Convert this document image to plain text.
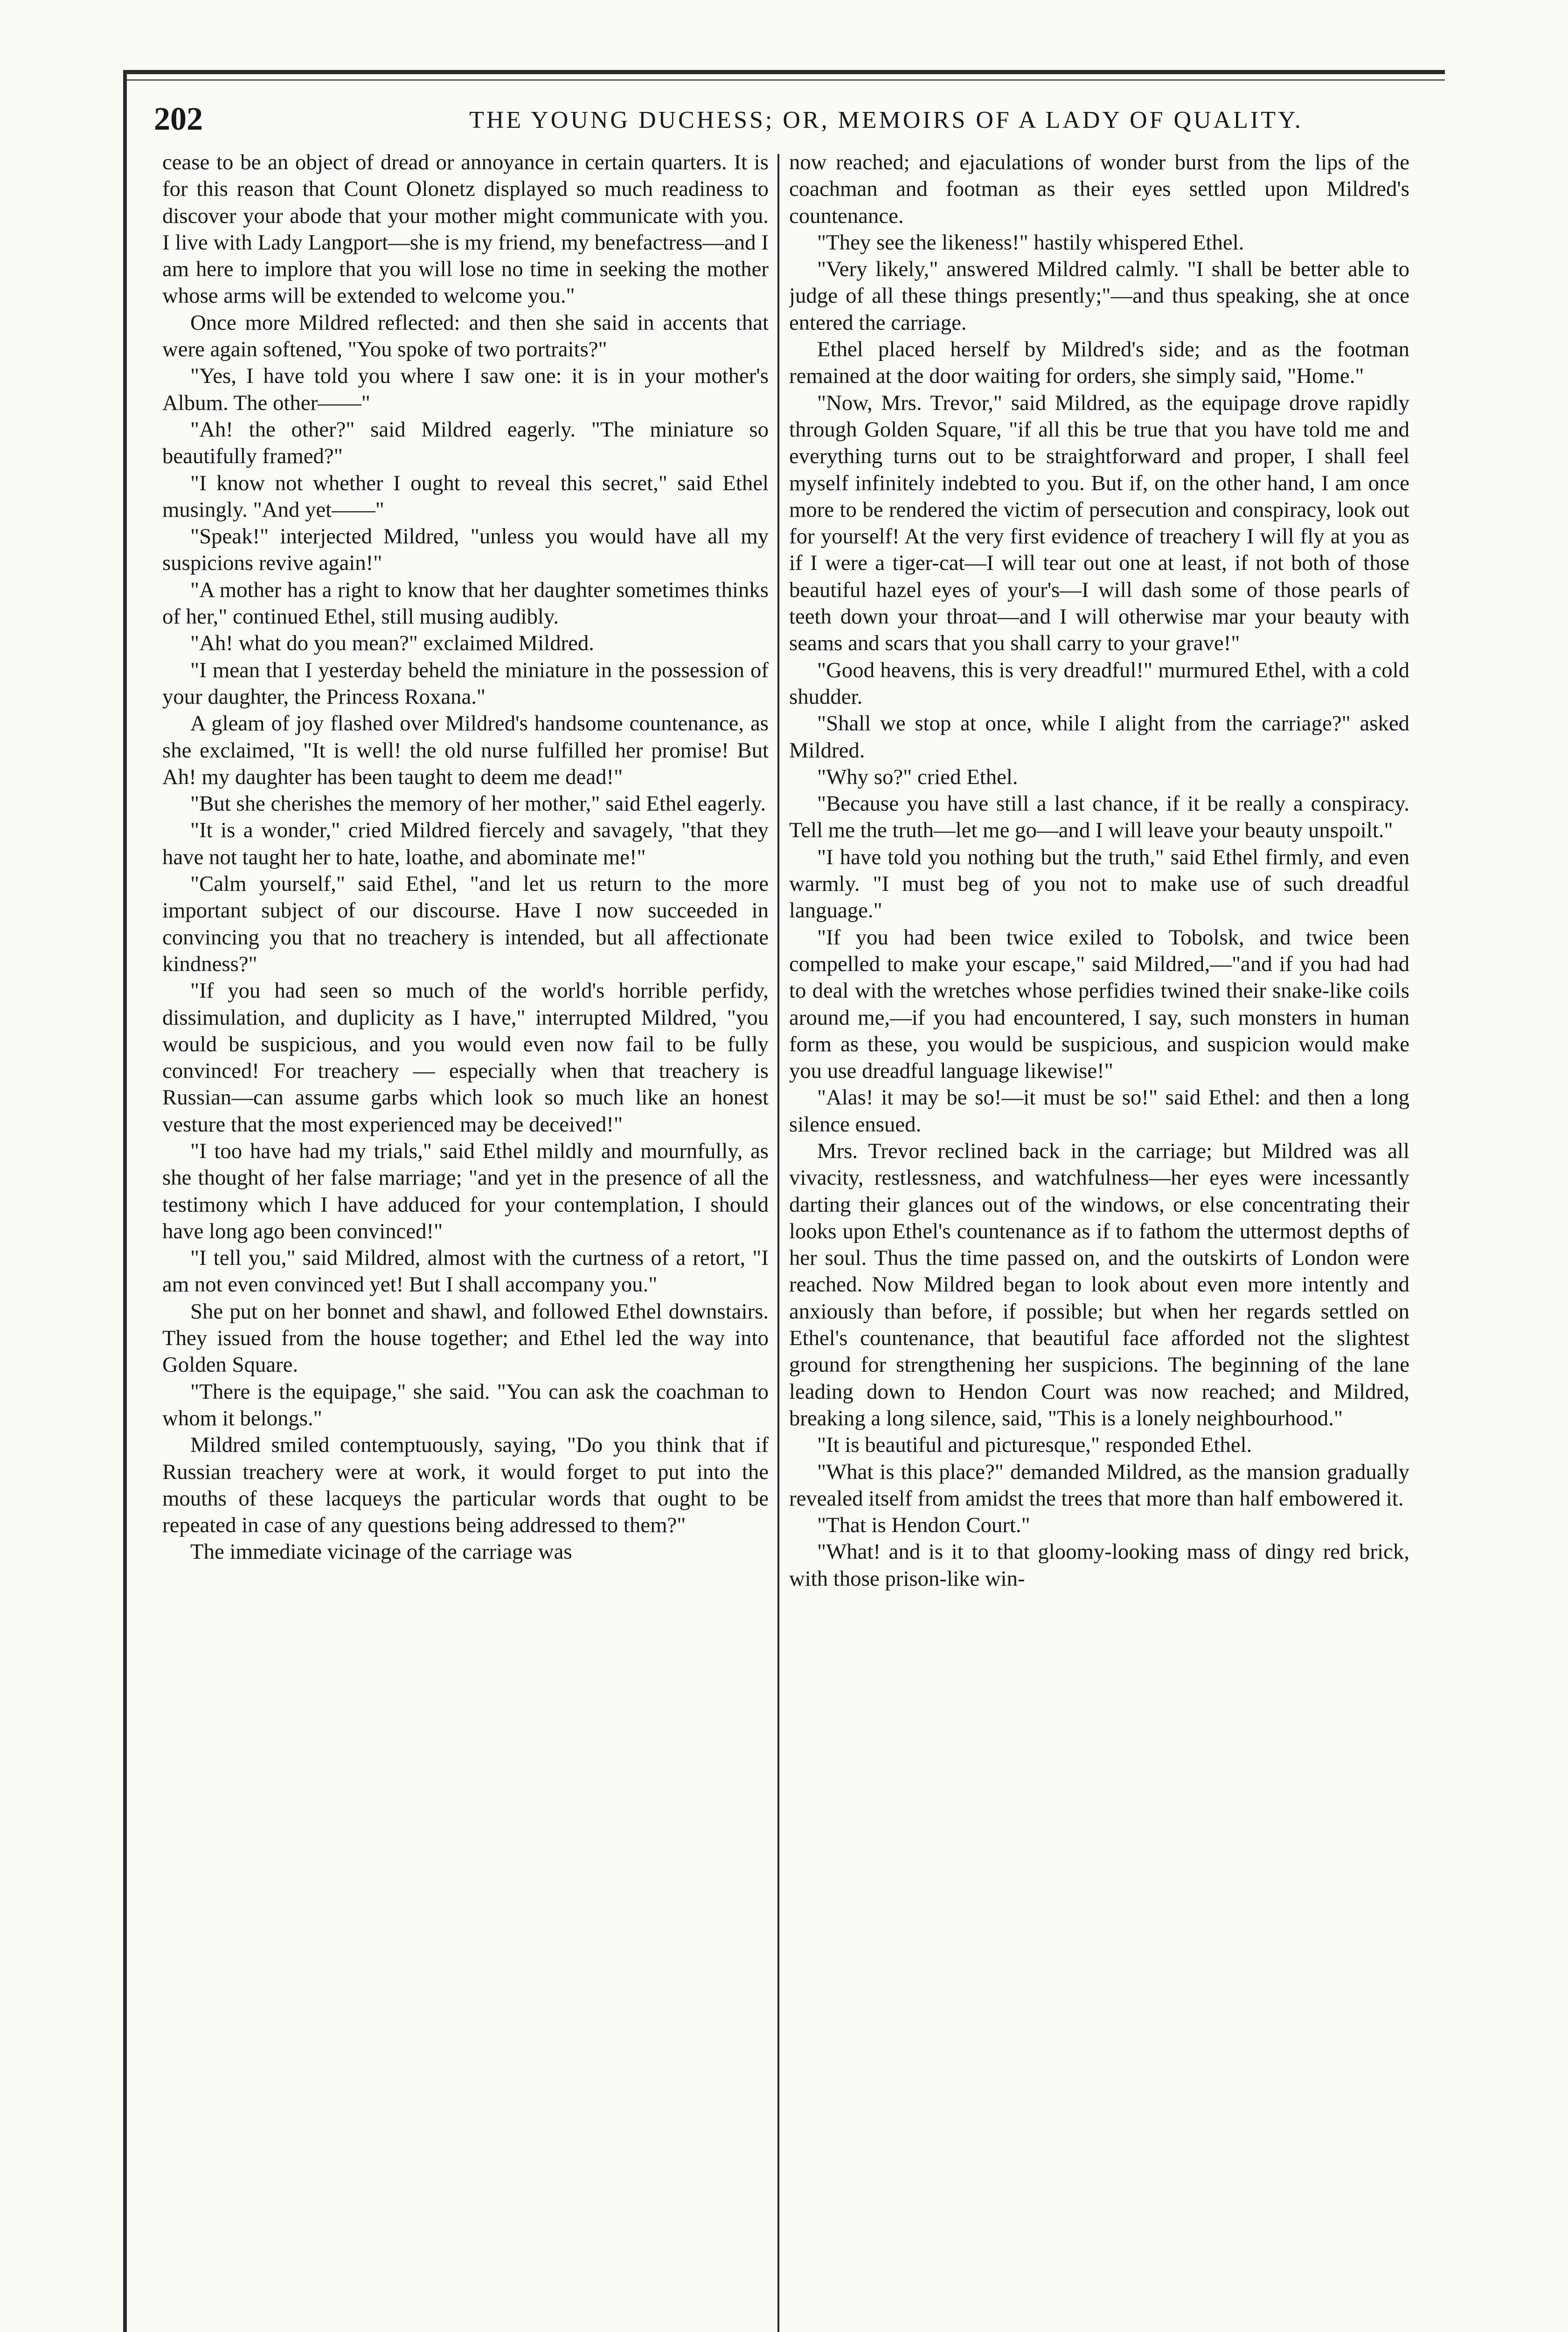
202	THE YOUNG DUCHESS; OR, MEMOIRS OF A LADY OF QUALITY.

cease to be an object of dread or annoyance in certain quarters. It is for this reason that Count Olonetz displayed so much readiness to discover your abode that your mother might communicate with you. I live with Lady Langport—she is my friend, my benefactress—and I am here to implore that you will lose no time in seeking the mother whose arms will be extended to welcome you."

Once more Mildred reflected: and then she said in accents that were again softened, "You spoke of two portraits?"

"Yes, I have told you where I saw one: it is in your mother's Album. The other——"

"Ah! the other?" said Mildred eagerly. "The miniature so beautifully framed?"

"I know not whether I ought to reveal this secret," said Ethel musingly. "And yet——"

"Speak!" interjected Mildred, "unless you would have all my suspicions revive again!"

"A mother has a right to know that her daughter sometimes thinks of her," continued Ethel, still musing audibly.

"Ah! what do you mean?" exclaimed Mildred.

"I mean that I yesterday beheld the miniature in the possession of your daughter, the Princess Roxana."

A gleam of joy flashed over Mildred's handsome countenance, as she exclaimed, "It is well! the old nurse fulfilled her promise! But Ah! my daughter has been taught to deem me dead!"

"But she cherishes the memory of her mother," said Ethel eagerly.

"It is a wonder," cried Mildred fiercely and savagely, "that they have not taught her to hate, loathe, and abominate me!"

"Calm yourself," said Ethel, "and let us return to the more important subject of our discourse. Have I now succeeded in convincing you that no treachery is intended, but all affectionate kindness?"

"If you had seen so much of the world's horrible perfidy, dissimulation, and duplicity as I have," interrupted Mildred, "you would be suspicious, and you would even now fail to be fully convinced! For treachery — especially when that treachery is Russian—can assume garbs which look so much like an honest vesture that the most experienced may be deceived!"

"I too have had my trials," said Ethel mildly and mournfully, as she thought of her false marriage; "and yet in the presence of all the testimony which I have adduced for your contemplation, I should have long ago been convinced!"

"I tell you," said Mildred, almost with the curtness of a retort, "I am not even convinced yet! But I shall accompany you."

She put on her bonnet and shawl, and followed Ethel downstairs. They issued from the house together; and Ethel led the way into Golden Square.

"There is the equipage," she said. "You can ask the coachman to whom it belongs."

Mildred smiled contemptuously, saying, "Do you think that if Russian treachery were at work, it would forget to put into the mouths of these lacqueys the particular words that ought to be repeated in case of any questions being addressed to them?"

The immediate vicinage of the carriage was

now reached; and ejaculations of wonder burst from the lips of the coachman and footman as their eyes settled upon Mildred's countenance.

"They see the likeness!" hastily whispered Ethel.

"Very likely," answered Mildred calmly. "I shall be better able to judge of all these things presently;"—and thus speaking, she at once entered the carriage.

Ethel placed herself by Mildred's side; and as the footman remained at the door waiting for orders, she simply said, "Home."

"Now, Mrs. Trevor," said Mildred, as the equipage drove rapidly through Golden Square, "if all this be true that you have told me and everything turns out to be straightforward and proper, I shall feel myself infinitely indebted to you. But if, on the other hand, I am once more to be rendered the victim of persecution and conspiracy, look out for yourself! At the very first evidence of treachery I will fly at you as if I were a tiger-cat—I will tear out one at least, if not both of those beautiful hazel eyes of your's—I will dash some of those pearls of teeth down your throat—and I will otherwise mar your beauty with seams and scars that you shall carry to your grave!"

"Good heavens, this is very dreadful!" murmured Ethel, with a cold shudder.

"Shall we stop at once, while I alight from the carriage?" asked Mildred.

"Why so?" cried Ethel.

"Because you have still a last chance, if it be really a conspiracy. Tell me the truth—let me go—and I will leave your beauty unspoilt."

"I have told you nothing but the truth," said Ethel firmly, and even warmly. "I must beg of you not to make use of such dreadful language."

"If you had been twice exiled to Tobolsk, and twice been compelled to make your escape," said Mildred,—"and if you had had to deal with the wretches whose perfidies twined their snake-like coils around me,—if you had encountered, I say, such monsters in human form as these, you would be suspicious, and suspicion would make you use dreadful language likewise!"

"Alas! it may be so!—it must be so!" said Ethel: and then a long silence ensued.

Mrs. Trevor reclined back in the carriage; but Mildred was all vivacity, restlessness, and watchfulness—her eyes were incessantly darting their glances out of the windows, or else concentrating their looks upon Ethel's countenance as if to fathom the uttermost depths of her soul. Thus the time passed on, and the outskirts of London were reached. Now Mildred began to look about even more intently and anxiously than before, if possible; but when her regards settled on Ethel's countenance, that beautiful face afforded not the slightest ground for strengthening her suspicions. The beginning of the lane leading down to Hendon Court was now reached; and Mildred, breaking a long silence, said, "This is a lonely neighbourhood."

"It is beautiful and picturesque," responded Ethel.

"What is this place?" demanded Mildred, as the mansion gradually revealed itself from amidst the trees that more than half embowered it.

"That is Hendon Court."

"What! and is it to that gloomy-looking mass of dingy red brick, with those prison-like win-
